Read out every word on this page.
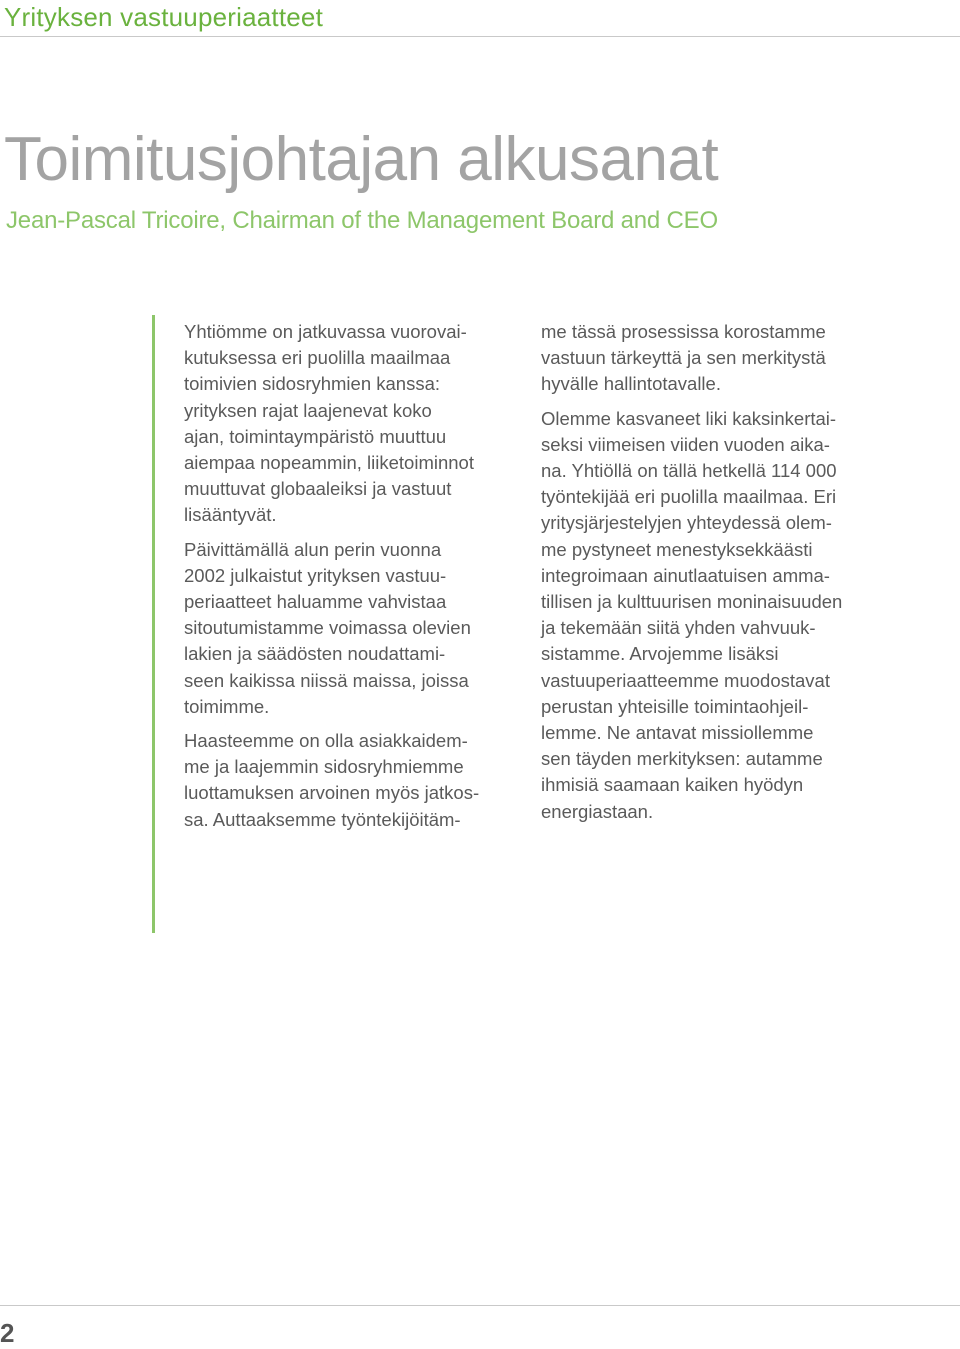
Yrityksen vastuuperiaatteet
Toimitusjohtajan alkusanat
Jean-Pascal Tricoire, Chairman of the Management Board and CEO
Yhtiömme on jatkuvassa vuorovai-
kutuksessa eri puolilla maailmaa
toimivien sidosryhmien kanssa:
yrityksen rajat laajenevat koko
ajan, toimintaympäristö muuttuu
aiempaa nopeammin, liiketoiminnot
muuttuvat globaaleiksi ja vastuut
lisääntyvät.
Päivittämällä alun perin vuonna
2002 julkaistut yrityksen vastuu-
periaatteet haluamme vahvistaa
sitoutumistamme voimassa olevien
lakien ja säädösten noudattami-
seen kaikissa niissä maissa, joissa
toimimme.
Haasteemme on olla asiakkaidem-
me ja laajemmin sidosryhmiemme
luottamuksen arvoinen myös jatkos-
sa. Auttaaksemme työntekijöitäm-
me tässä prosessissa korostamme
vastuun tärkeyttä ja sen merkitystä
hyvälle hallintotavalle.
Olemme kasvaneet liki kaksinkertai-
seksi viimeisen viiden vuoden aika-
na. Yhtiöllä on tällä hetkellä 114 000
työntekijää eri puolilla maailmaa. Eri
yritysjärjestelyjen yhteydessä olem-
me pystyneet menestyksekkäästi
integroimaan ainutlaatuisen amma-
tillisen ja kulttuurisen moninaisuuden
ja tekemään siitä yhden vahvuuk-
sistamme. Arvojemme lisäksi
vastuuperiaatteemme muodostavat
perustan yhteisille toimintaohjeil-
lemme. Ne antavat missiollemme
sen täyden merkityksen: autamme
ihmisiä saamaan kaiken hyödyn
energiastaan.
2
